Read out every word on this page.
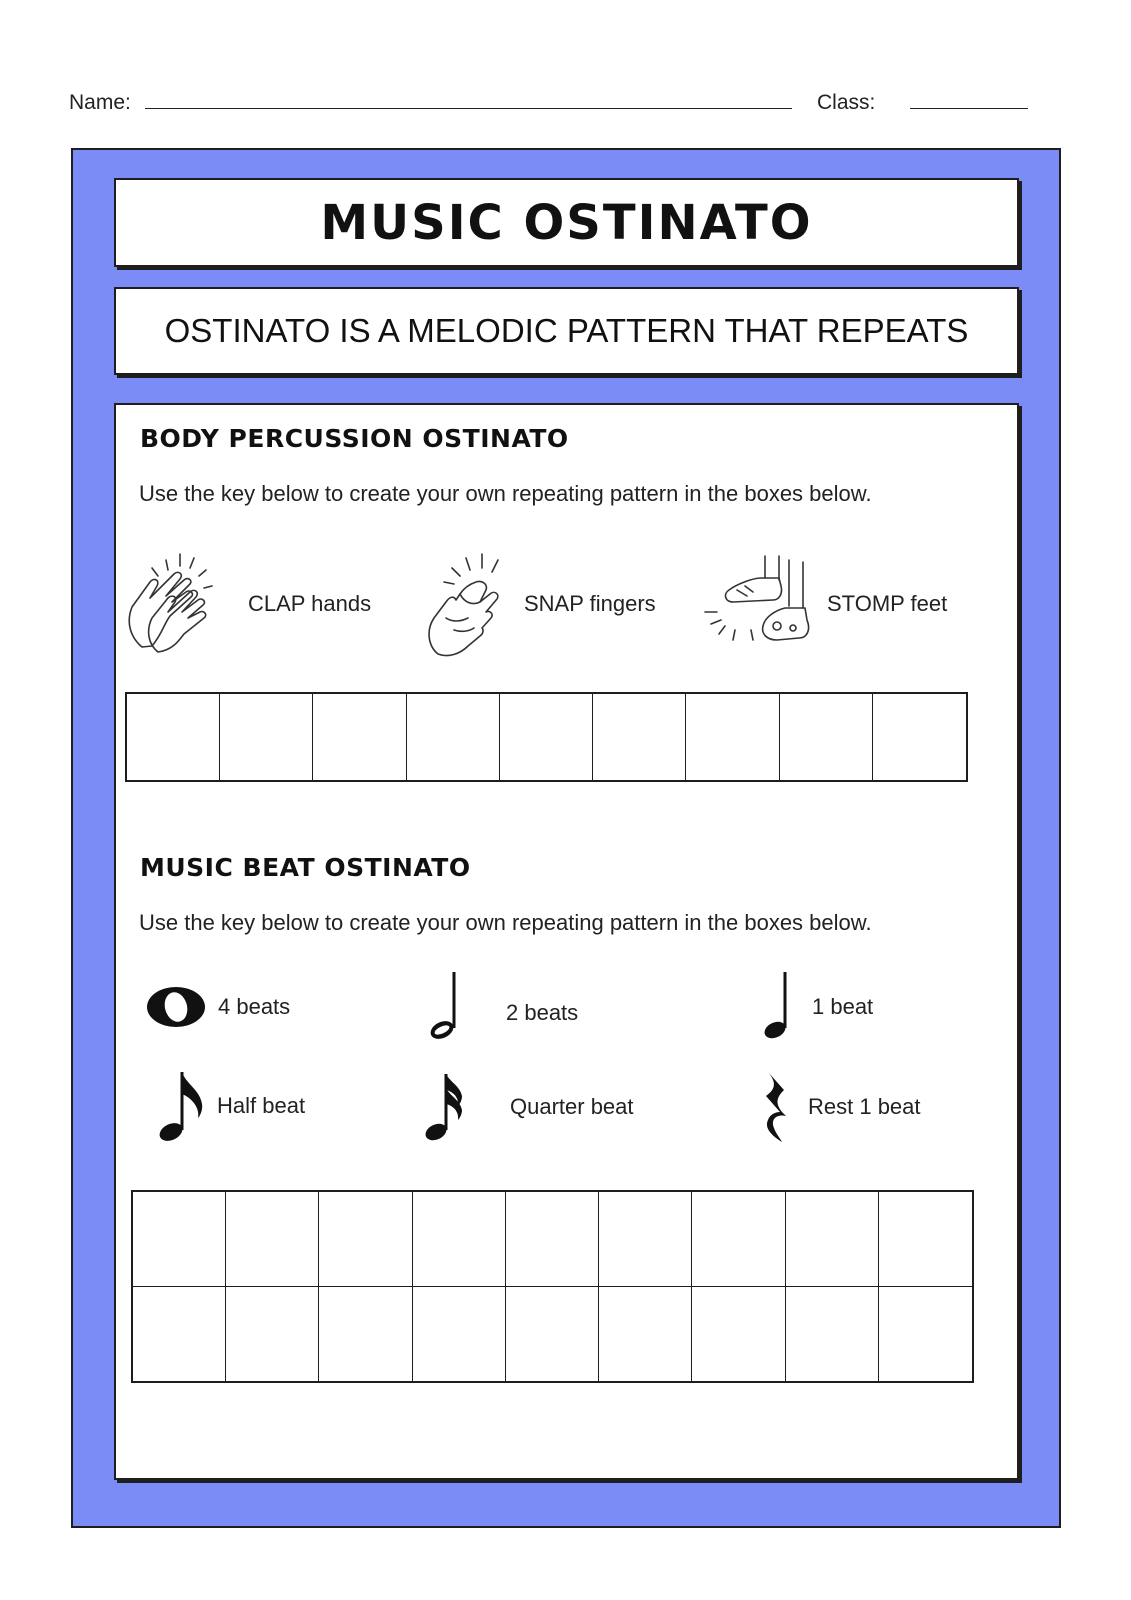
Name:	Class:
MUSIC OSTINATO
OSTINATO IS A MELODIC PATTERN THAT REPEATS
BODY PERCUSSION OSTINATO
Use the key below to create your own repeating pattern in the boxes below.
CLAP hands	SNAP fingers	STOMP feet
MUSIC BEAT OSTINATO
Use the key below to create your own repeating pattern in the boxes below.
4 beats	2 beats	1 beat
Half beat	Quarter beat	Rest 1 beat
